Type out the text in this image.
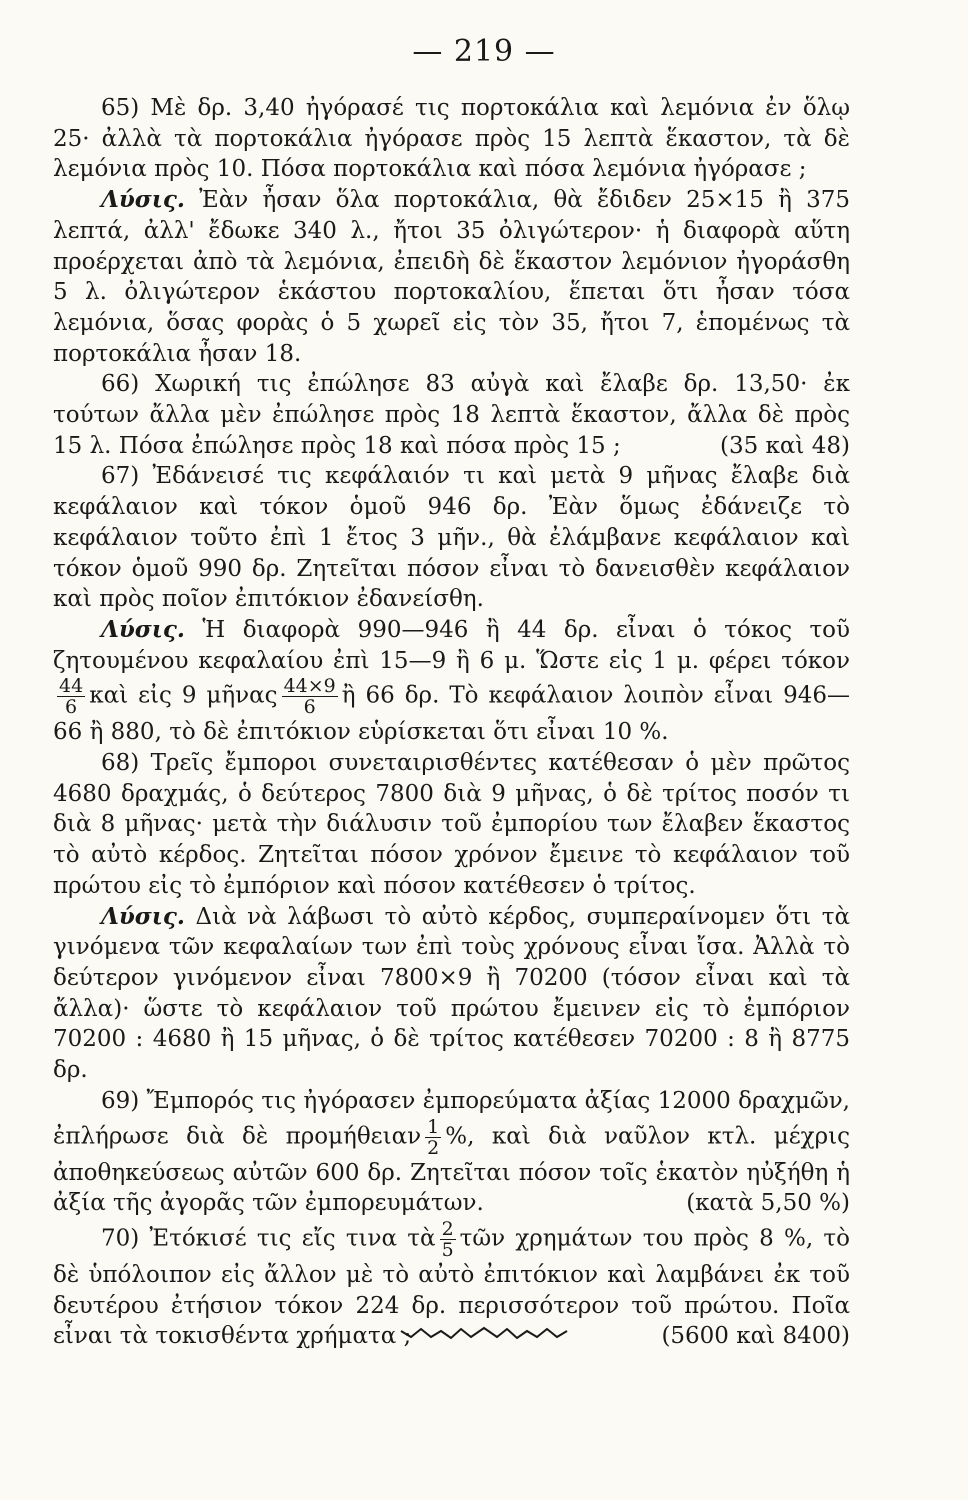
— 219 —

65) Μὲ δρ. 3,40 ἠγόρασέ τις πορτοκάλια καὶ λεμόνια ἐν ὅλῳ 25· ἀλλὰ τὰ πορτοκάλια ἠγόρασε πρὸς 15 λεπτὰ ἕκαστον, τὰ δὲ λεμόνια πρὸς 10. Πόσα πορτοκάλια καὶ πόσα λεμόνια ἠγόρασε ;

Λύσις. Ἐὰν ἦσαν ὅλα πορτοκάλια, θὰ ἔδιδεν 25×15 ἢ 375 λεπτά, ἀλλ' ἔδωκε 340 λ., ἤτοι 35 ὀλιγώτερον· ἡ διαφορὰ αὕτη προέρχεται ἀπὸ τὰ λεμόνια, ἐπειδὴ δὲ ἕκαστον λεμόνιον ἠγοράσθη 5 λ. ὀλιγώτερον ἑκάστου πορτοκαλίου, ἕπεται ὅτι ἦσαν τόσα λεμόνια, ὅσας φορὰς ὁ 5 χωρεῖ εἰς τὸν 35, ἤτοι 7, ἑπομένως τὰ πορτοκάλια ἦσαν 18.

66) Χωρική τις ἐπώλησε 83 αὐγὰ καὶ ἔλαβε δρ. 13,50· ἐκ τούτων ἄλλα μὲν ἐπώλησε πρὸς 18 λεπτὰ ἕκαστον, ἄλλα δὲ πρὸς 15 λ. Πόσα ἐπώλησε πρὸς 18 καὶ πόσα πρὸς 15 ;	(35 καὶ 48)

67) Ἐδάνεισέ τις κεφάλαιόν τι καὶ μετὰ 9 μῆνας ἔλαβε διὰ κεφάλαιον καὶ τόκον ὁμοῦ 946 δρ. Ἐὰν ὅμως ἐδάνειζε τὸ κεφάλαιον τοῦτο ἐπὶ 1 ἔτος 3 μῆν., θὰ ἐλάμβανε κεφάλαιον καὶ τόκον ὁμοῦ 990 δρ. Ζητεῖται πόσον εἶναι τὸ δανεισθὲν κεφάλαιον καὶ πρὸς ποῖον ἐπιτόκιον ἐδανείσθη.

Λύσις. Ἡ διαφορὰ 990—946 ἢ 44 δρ. εἶναι ὁ τόκος τοῦ ζητουμένου κεφαλαίου ἐπὶ 15—9 ἢ 6 μ. Ὥστε εἰς 1 μ. φέρει τόκον
$\frac{44}{6}$ καὶ εἰς 9 μῆνας $\frac{44\times 9}{6}$ ἢ 66 δρ. Τὸ κεφάλαιον λοιπὸν εἶναι 946—66 ἢ 880, τὸ δὲ ἐπιτόκιον εὑρίσκεται ὅτι εἶναι 10 %.

68) Τρεῖς ἔμποροι συνεταιρισθέντες κατέθεσαν ὁ μὲν πρῶτος 4680 δραχμάς, ὁ δεύτερος 7800 διὰ 9 μῆνας, ὁ δὲ τρίτος ποσόν τι διὰ 8 μῆνας· μετὰ τὴν διάλυσιν τοῦ ἐμπορίου των ἔλαβεν ἕκαστος τὸ αὐτὸ κέρδος. Ζητεῖται πόσον χρόνον ἔμεινε τὸ κεφάλαιον τοῦ πρώτου εἰς τὸ ἐμπόριον καὶ πόσον κατέθεσεν ὁ τρίτος.

Λύσις. Διὰ νὰ λάβωσι τὸ αὐτὸ κέρδος, συμπεραίνομεν ὅτι τὰ γινόμενα τῶν κεφαλαίων των ἐπὶ τοὺς χρόνους εἶναι ἴσα. Ἀλλὰ τὸ δεύτερον γινόμενον εἶναι 7800×9 ἢ 70200 (τόσον εἶναι καὶ τὰ ἄλλα)· ὥστε τὸ κεφάλαιον τοῦ πρώτου ἔμεινεν εἰς τὸ ἐμπόριον 70200 : 4680 ἢ 15 μῆνας, ὁ δὲ τρίτος κατέθεσεν 70200 : 8 ἢ 8775 δρ.

69) Ἔμπορός τις ἠγόρασεν ἐμπορεύματα ἀξίας 12000 δραχμῶν, ἐπλήρωσε διὰ δὲ προμήθειαν $\frac{1}{2}$ %, καὶ διὰ ναῦλον κτλ. μέχρις ἀποθηκεύσεως αὐτῶν 600 δρ. Ζητεῖται πόσον τοῖς ἑκατὸν ηὐξήθη ἡ ἀξία τῆς ἀγορᾶς τῶν ἐμπορευμάτων.	(κατὰ 5,50 %)

70) Ἐτόκισέ τις εἴς τινα τὰ $\frac{2}{5}$ τῶν χρημάτων του πρὸς 8 %, τὸ δὲ ὑπόλοιπον εἰς ἄλλον μὲ τὸ αὐτὸ ἐπιτόκιον καὶ λαμβάνει ἐκ τοῦ δευτέρου ἐτήσιον τόκον 224 δρ. περισσότερον τοῦ πρώτου. Ποῖα εἶναι τὰ τοκισθέντα χρήματα ;	(5600 καὶ 8400)
